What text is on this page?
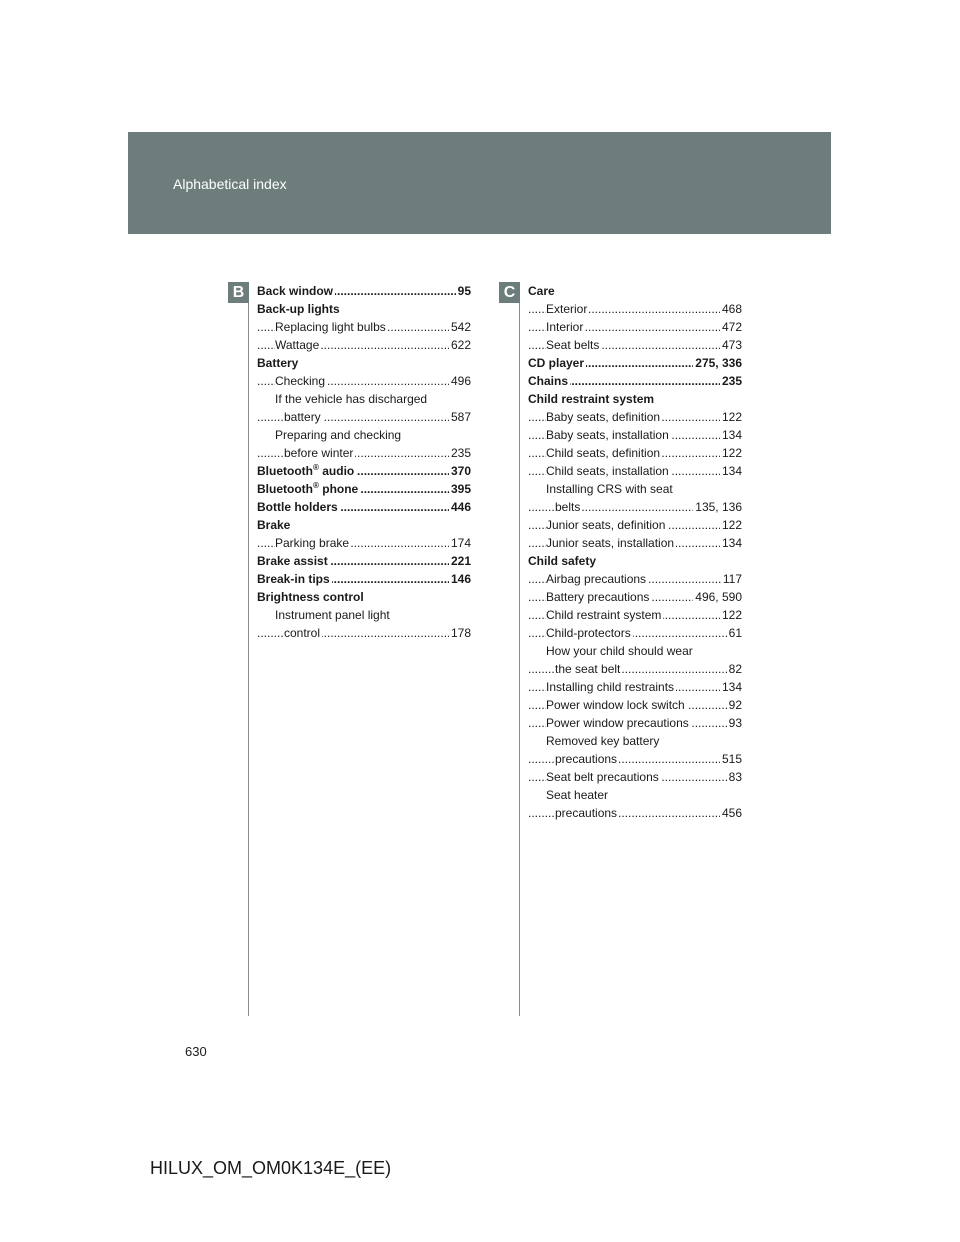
Alphabetical index
B	C
.....
Back window	95
Back-up lights
.....
Replacing light bulbs	542
.....
Wattage	622
Battery
.....
Checking	496
If the vehicle has discharged
.....
battery	587
Preparing and checking
.....
before winter	235
.....
Bluetooth® audio	370
.....
Bluetooth® phone	395
.....
Bottle holders	446
Brake
.....
Parking brake	174
.....
Brake assist	221
.....
Break-in tips	146
Brightness control
Instrument panel light
.....
control	178
Care
.....
Exterior	468
.....
Interior	472
.....
Seat belts	473
.....
CD player	275, 336
.....
Chains	235
Child restraint system
.....
Baby seats, definition	122
.....
Baby seats, installation	134
.....
Child seats, definition	122
.....
Child seats, installation	134
Installing CRS with seat
.....
belts	135, 136
.....
Junior seats, definition	122
.....
Junior seats, installation	134
Child safety
.....
Airbag precautions	117
.....
Battery precautions	496, 590
.....
Child restraint system	122
.....
Child-protectors	61
How your child should wear
.....
the seat belt	82
.....
Installing child restraints	134
.....
Power window lock switch	92
.....
Power window precautions	93
Removed key battery
.....
precautions	515
.....
Seat belt precautions	83
Seat heater
.....
precautions	456
630
HILUX_OM_OM0K134E_(EE)
